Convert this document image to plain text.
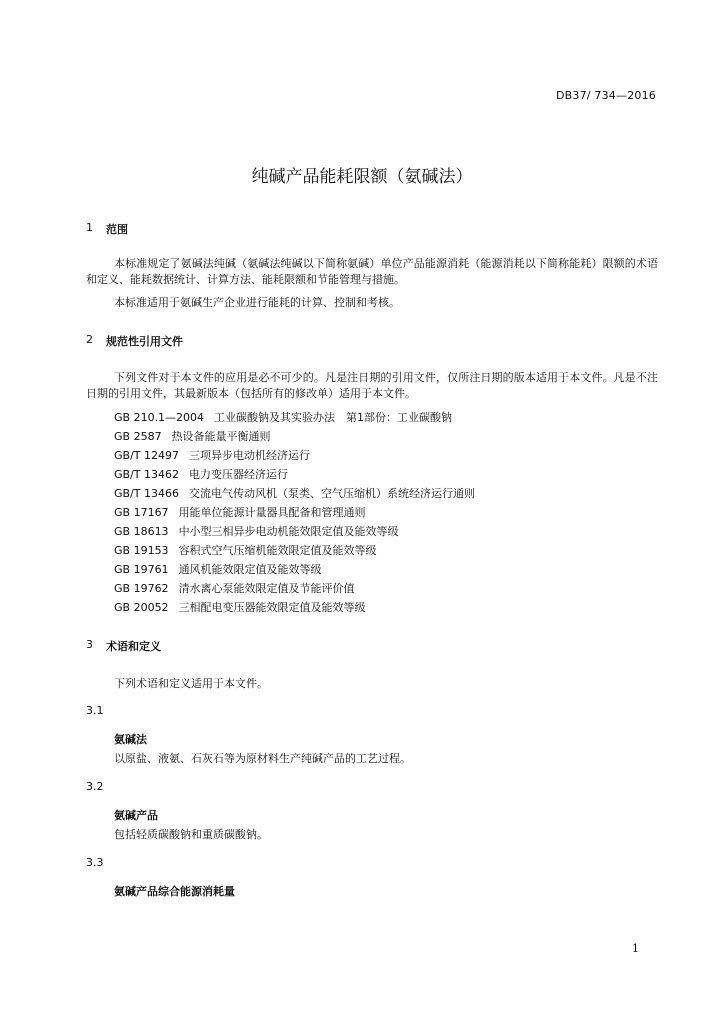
DB37/ 734—2016
纯碱产品能耗限额（氨碱法）
1 范围
本标准规定了氨碱法纯碱（氨碱法纯碱以下简称氨碱）单位产品能源消耗（能源消耗以下简称能耗）限额的术语和定义、能耗数据统计、计算方法、能耗限额和节能管理与措施。
本标准适用于氨碱生产企业进行能耗的计算、控制和考核。
2 规范性引用文件
下列文件对于本文件的应用是必不可少的。凡是注日期的引用文件，仅所注日期的版本适用于本文件。凡是不注日期的引用文件，其最新版本（包括所有的修改单）适用于本文件。
GB 210.1—2004 工业碳酸钠及其实验办法　第1部份：工业碳酸钠
GB 2587 热设备能量平衡通则
GB/T 12497 三项异步电动机经济运行
GB/T 13462 电力变压器经济运行
GB/T 13466 交流电气传动风机（泵类、空气压缩机）系统经济运行通则
GB 17167 用能单位能源计量器具配备和管理通则
GB 18613 中小型三相异步电动机能效限定值及能效等级
GB 19153 容积式空气压缩机能效限定值及能效等级
GB 19761 通风机能效限定值及能效等级
GB 19762 清水离心泵能效限定值及节能评价值
GB 20052 三相配电变压器能效限定值及能效等级
3 术语和定义
下列术语和定义适用于本文件。
3.1
氨碱法
以原盐、液氨、石灰石等为原材料生产纯碱产品的工艺过程。
3.2
氨碱产品
包括轻质碳酸钠和重质碳酸钠。
3.3
氨碱产品综合能源消耗量
1
